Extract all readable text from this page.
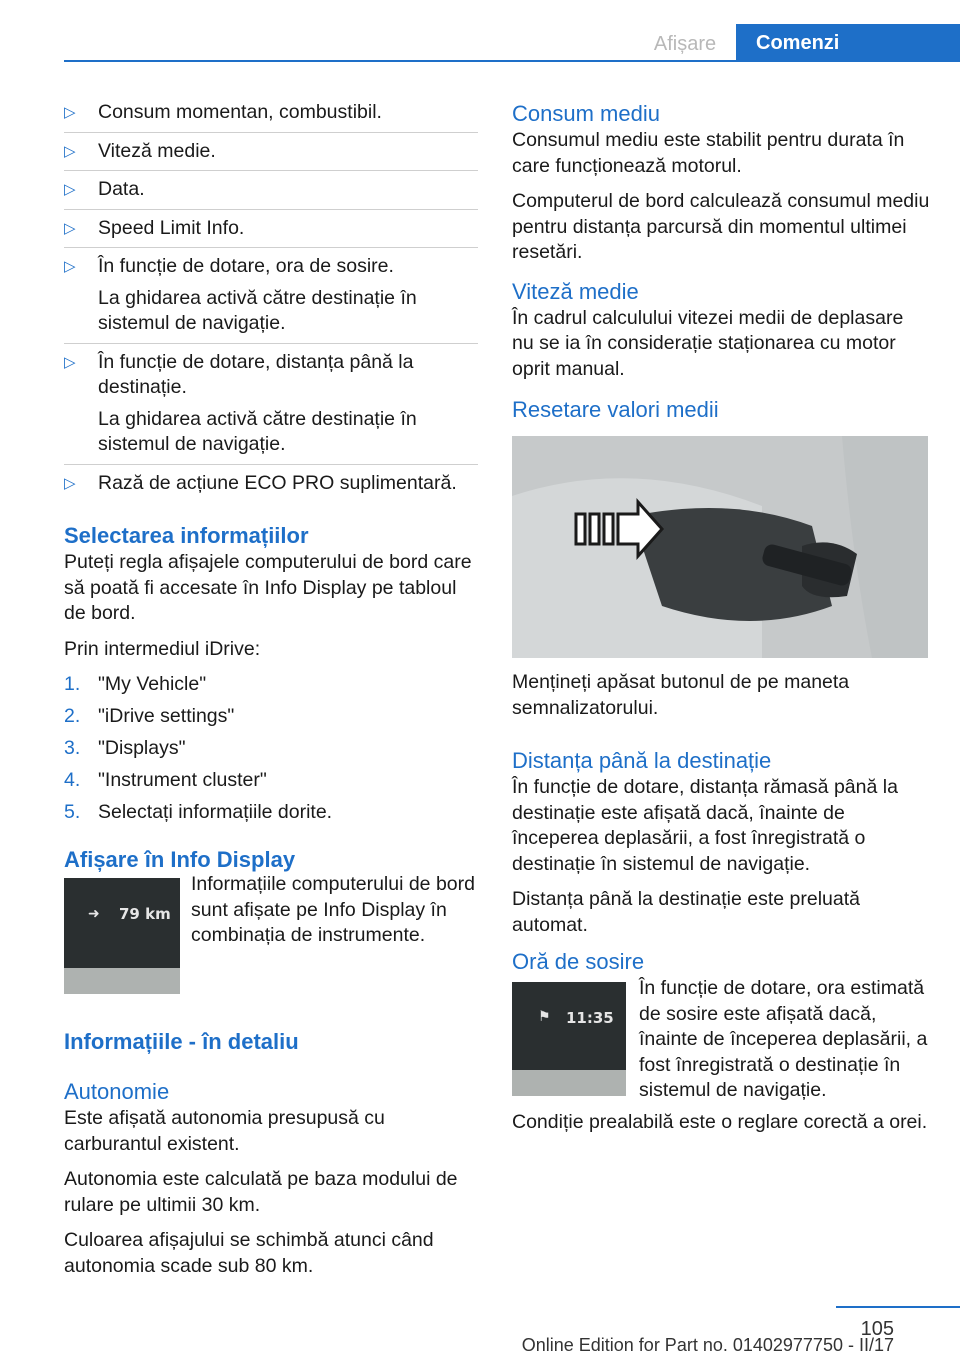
Afișare	Comenzi
▷ Consum momentan, combustibil.
▷ Viteză medie.
▷ Data.
▷ Speed Limit Info.
▷ În funcție de dotare, ora de sosire.
La ghidarea activă către destinație în sistemul de navigație.
▷ În funcție de dotare, distanța până la destinație.
La ghidarea activă către destinație în sistemul de navigație.
▷ Rază de acțiune ECO PRO suplimentară.
Selectarea informațiilor

Puteți regla afișajele computerului de bord care să poată fi accesate în Info Display pe tabloul de bord.

Prin intermediul iDrive:

1. "My Vehicle"
2. "iDrive settings"
3. "Displays"
4. "Instrument cluster"
5. Selectați informațiile dorite.
Afișare în Info Display
➜ 79 km

Informațiile computerului de bord sunt afișate pe Info Display în combinația de instrumente.

Informațiile - în detaliu
Autonomie

Este afișată autonomia presupusă cu carburantul existent.

Autonomia este calculată pe baza modului de rulare pe ultimii 30 km.

Culoarea afișajului se schimbă atunci când autonomia scade sub 80 km.

Consum mediu

Consumul mediu este stabilit pentru durata în care funcționează motorul.

Computerul de bord calculează consumul mediu pentru distanța parcursă din momentul ultimei resetări.

Viteză medie

În cadrul calculului vitezei medii de deplasare nu se ia în considerație staționarea cu motor oprit manual.

Resetare valori medii

Mențineți apăsat butonul de pe maneta semnalizatorului.

Distanța până la destinație

În funcție de dotare, distanța rămasă până la destinație este afișată dacă, înainte de începerea deplasării, a fost înregistrată o destinație în sistemul de navigație.

Distanța până la destinație este preluată automat.

Oră de sosire
⚑ 11:35

În funcție de dotare, ora estimată de sosire este afișată dacă, înainte de începerea deplasării, a fost înregistrată o destinație în sistemul de navigație.

Condiție prealabilă este o reglare corectă a orei.

105
Online Edition for Part no. 01402977750 - II/17
